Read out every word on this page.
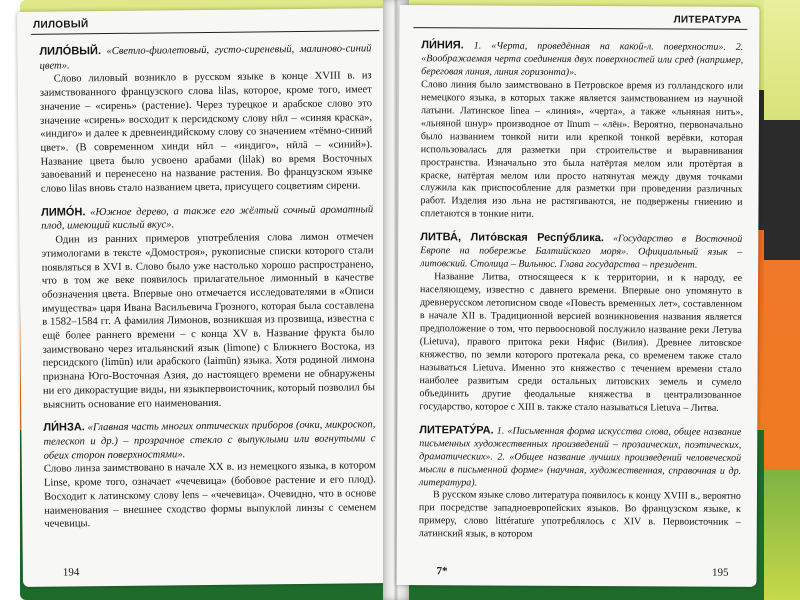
ЛИЛОВЫЙ

ЛИЛО́ВЫЙ. «Светло-фиолетовый, густо-сиреневый, малиново-синий цвет».

Слово лиловый возникло в русском языке в конце XVIII в. из заимствованного французского слова lilas, которое, кроме того, имеет значение – «сирень» (растение). Через турецкое и арабское слово это значение «сирень» восходит к персидскому слову нӣл – «синяя краска», «индиго» и далее к древнеиндийскому слову со значением «тёмно-синий цвет». (В современном хинди нӣл – «индиго», нӣлā – «синий»). Название цвета было усвоено арабами (lilak) во время Восточных завоеваний и перенесено на название растения. Во французском языке слово lilas вновь стало названием цвета, присущего соцветиям сирени.

ЛИМО́Н. «Южное дерево, а также его жёлтый сочный ароматный плод, имеющий кислый вкус».

Один из ранних примеров употребления слова лимон отмечен этимологами в тексте «Домостроя», рукописные списки которого стали появляться в XVI в. Слово было уже настолько хорошо распространено, что в том же веке появилось прилагательное лимонный в качестве обозначения цвета. Впервые оно отмечается исследователями в «Описи имущества» царя Ивана Васильевича Грозного, которая была составлена в 1582–1584 гг. А фамилия Лимонов, возникшая из прозвища, известна с ещё более раннего времени – с конца XV в. Название фрукта было заимствовано через итальянский язык (limone) с Ближнего Востока, из персидского (limūn) или арабского (laimūn) языка. Хотя родиной лимона признана Юго-Восточная Азия, до настоящего времени не обнаружены ни его дикорастущие виды, ни языкпервоисточник, который позволил бы выяснить основание его наименования.

ЛИ́НЗА. «Главная часть многих оптических приборов (очки, микроскоп, телескоп и др.) – прозрачное стекло с выпуклыми или вогнутыми с обеих сторон поверхностями».

Слово линза заимствовано в начале XX в. из немецкого языка, в котором Linse, кроме того, означает «чечевица» (бобовое растение и его плод). Восходит к латинскому слову lens – «чечевица». Очевидно, что в основе наименования – внешнее сходство формы выпуклой линзы с семенем чечевицы.

194
ЛИТЕРАТУРА

ЛИ́НИЯ. 1. «Черта, проведённая на какой-л. поверхности». 2. «Воображаемая черта соединения двух поверхностей или сред (например, береговая линия, линия горизонта)».

Слово линия было заимствовано в Петровское время из голландского или немецкого языка, в которых также является заимствованием из научной латыни. Латинское linea – «линия», «черта», а также «льняная нить», «льняной шнур» производное от līnum – «лён». Вероятно, первоначально было названием тонкой нити или крепкой тонкой верёвки, которая использовалась для разметки при строительстве и выравнивания пространства. Изначально это была натёртая мелом или протёртая в краске, натёртая мелом или просто натянутая между двумя точками служила как приспособление для разметки при проведении различных работ. Изделия изо льна не растягиваются, не подвержены гниению и сплетаются в тонкие нити.

ЛИТВА́, Лито́вская Респу́блика. «Государство в Восточной Европе на побережье Балтийского моря». Официальный язык – литовский. Столица – Вильнюс. Глава государства – президент.

Название Литва, относящееся к к территории, и к народу, ее населяющему, известно с давнего времени. Впервые оно упомянуто в древнерусском летописном своде «Повесть временных лет», составленном в начале XII в. Традиционной версией возникновения названия является предположение о том, что первоосновой послужило название реки Летува (Lietuva), правого притока реки Няфис (Вилия). Древнее литовское княжество, по земли которого протекала река, со временем также стало называться Lietuva. Именно это княжество с течением времени стало наиболее развитым среди остальных литовских земель и сумело объединить другие феодальные княжества в централизованное государство, которое с XIII в. также стало называться Lietuva – Литва.

ЛИТЕРАТУ́РА. 1. «Письменная форма искусства слова, общее название письменных художественных произведений – прозаических, поэтических, драматических». 2. «Общее название лучших произведений человеческой мысли в письменной форме» (научная, художественная, справочная и др. литература).

В русском языке слово литература появилось к концу XVIII в., вероятно при посредстве западноевропейских языков. Во французском языке, к примеру, слово littérature употреблялось с XIV в. Первоисточник – латинский язык, в котором

7*	195
